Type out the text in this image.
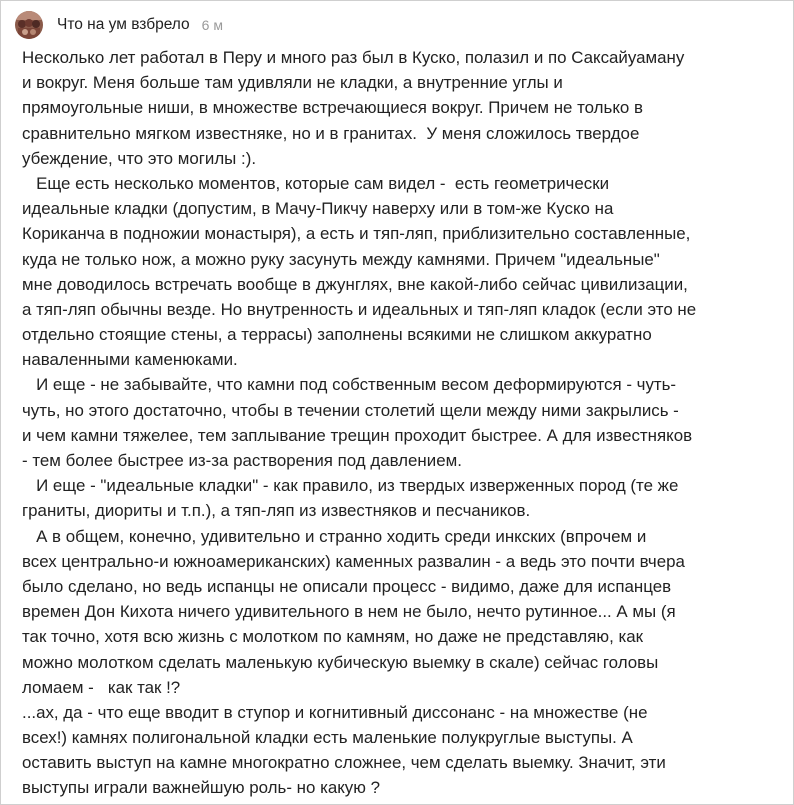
Что на ум взбрело 6 м
Несколько лет работал в Перу и много раз был в Куско, полазил и по Саксайуаману
и вокруг. Меня больше там удивляли не кладки, а внутренние углы и
прямоугольные ниши, в множестве встречающиеся вокруг. Причем не только в
сравнительно мягком известняке, но и в гранитах.  У меня сложилось твердое
убеждение, что это могилы :).
Еще есть несколько моментов, которые сам видел -  есть геометрически
идеальные кладки (допустим, в Мачу-Пикчу наверху или в том-же Куско на
Кориканча в подножии монастыря), а есть и тяп-ляп, приблизительно составленные,
куда не только нож, а можно руку засунуть между камнями. Причем "идеальные"
мне доводилось встречать вообще в джунглях, вне какой-либо сейчас цивилизации,
а тяп-ляп обычны везде. Но внутренность и идеальных и тяп-ляп кладок (если это не
отдельно стоящие стены, а террасы) заполнены всякими не слишком аккуратно
наваленными каменюками.
И еще - не забывайте, что камни под собственным весом деформируются - чуть-
чуть, но этого достаточно, чтобы в течении столетий щели между ними закрылись -
и чем камни тяжелее, тем заплывание трещин проходит быстрее. А для известняков
- тем более быстрее из-за растворения под давлением.
И еще - "идеальные кладки" - как правило, из твердых изверженных пород (те же
граниты, диориты и т.п.), а тяп-ляп из известняков и песчаников.
А в общем, конечно, удивительно и странно ходить среди инкских (впрочем и
всех центрально-и южноамериканских) каменных развалин - а ведь это почти вчера
было сделано, но ведь испанцы не описали процесс - видимо, даже для испанцев
времен Дон Кихота ничего удивительного в нем не было, нечто рутинное... А мы (я
так точно, хотя всю жизнь с молотком по камням, но даже не представляю, как
можно молотком сделать маленькую кубическую выемку в скале) сейчас головы
ломаем -   как так !?
...ах, да - что еще вводит в ступор и когнитивный диссонанс - на множестве (не
всех!) камнях полигональной кладки есть маленькие полукруглые выступы. А
оставить выступ на камне многократно сложнее, чем сделать выемку. Значит, эти
выступы играли важнейшую роль- но какую ?
